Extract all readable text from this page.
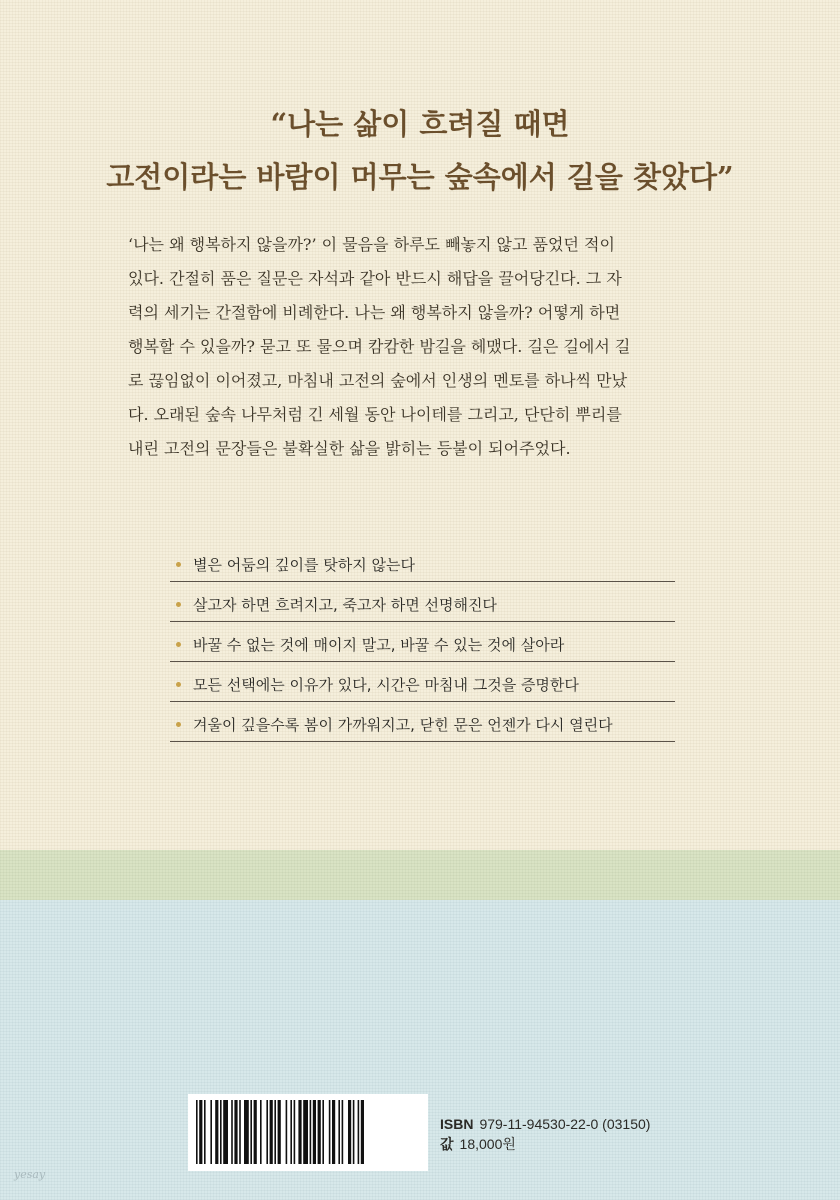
“나는 삶이 흐려질 때면
고전이라는 바람이 머무는 숲속에서 길을 찾았다”
‘나는 왜 행복하지 않을까?’ 이 물음을 하루도 빼놓지 않고 품었던 적이
있다. 간절히 품은 질문은 자석과 같아 반드시 해답을 끌어당긴다. 그 자
력의 세기는 간절함에 비례한다. 나는 왜 행복하지 않을까? 어떻게 하면
행복할 수 있을까? 묻고 또 물으며 캄캄한 밤길을 헤맸다. 길은 길에서 길
로 끊임없이 이어졌고, 마침내 고전의 숲에서 인생의 멘토를 하나씩 만났
다. 오래된 숲속 나무처럼 긴 세월 동안 나이테를 그리고, 단단히 뿌리를
내린 고전의 문장들은 불확실한 삶을 밝히는 등불이 되어주었다.
별은 어둠의 깊이를 탓하지 않는다
살고자 하면 흐려지고, 죽고자 하면 선명해진다
바꿀 수 없는 것에 매이지 말고, 바꿀 수 있는 것에 살아라
모든 선택에는 이유가 있다, 시간은 마침내 그것을 증명한다
겨울이 깊을수록 봄이 가까워지고, 닫힌 문은 언젠가 다시 열린다
ISBN 979-11-94530-22-0 (03150)
값 18,000원
yesay
